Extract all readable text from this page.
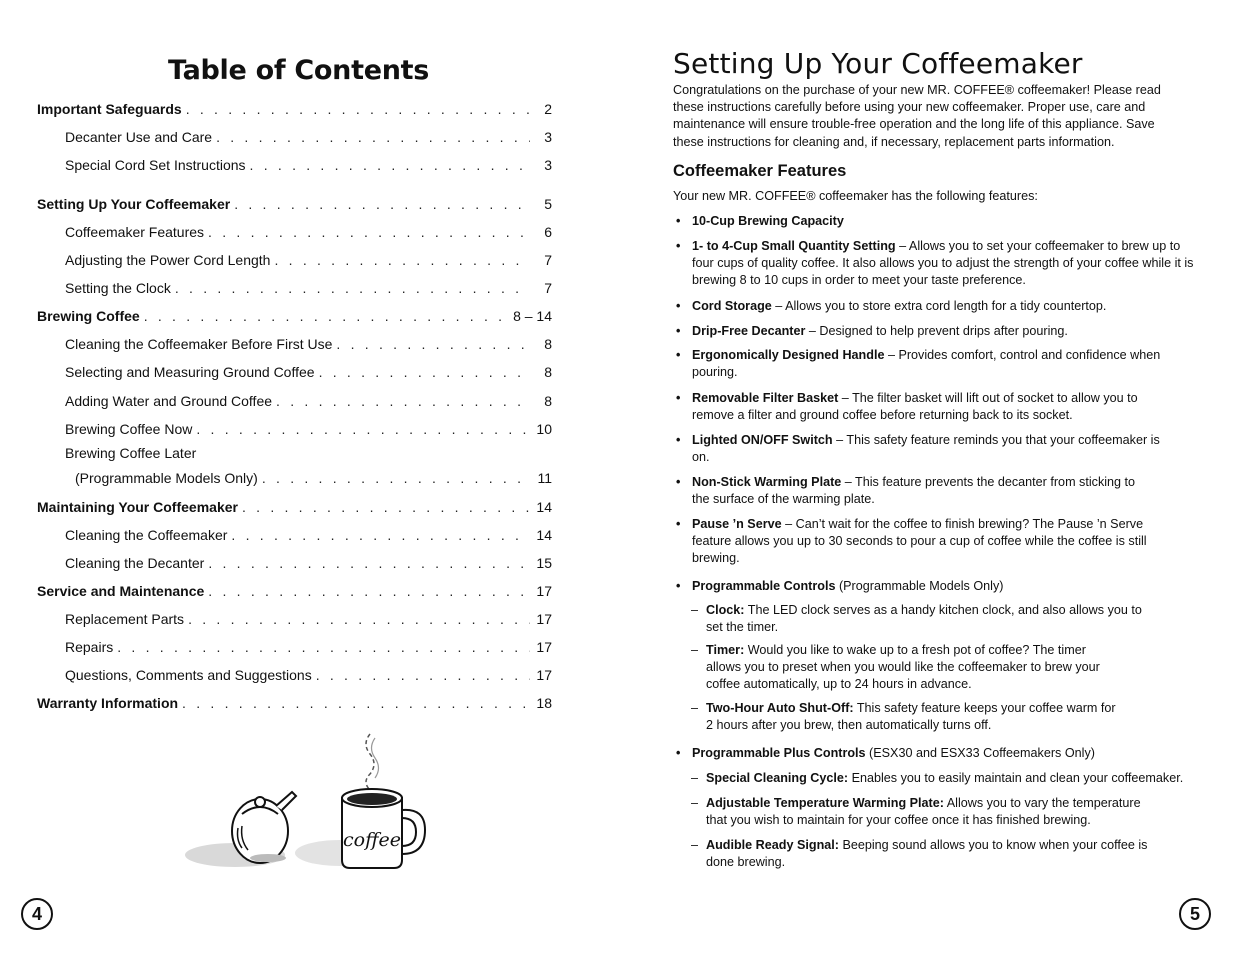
Table of Contents
Important Safeguards . . .	2
Decanter Use and Care . . .	3
Special Cord Set Instructions . . .	3
Setting Up Your Coffeemaker . . .	5
Coffeemaker Features . . .	6
Adjusting the Power Cord Length . . .	7
Setting the Clock . . .	7
Brewing Coffee . . .	8 – 14
Cleaning the Coffeemaker Before First Use . . .	8
Selecting and Measuring Ground Coffee . . .	8
Adding Water and Ground Coffee . . .	8
Brewing Coffee Now . . .	10
Brewing Coffee Later
(Programmable Models Only) . . .	11
Maintaining Your Coffeemaker . . .	14
Cleaning the Coffeemaker . . .	14
Cleaning the Decanter . . .	15
Service and Maintenance . . .	17
Replacement Parts . . .	17
Repairs . . .	17
Questions, Comments and Suggestions . . .	17
Warranty Information . . .	18
coffee
4
Setting Up Your Coffeemaker

Congratulations on the purchase of your new MR. COFFEE® coffeemaker! Please read these instructions carefully before using your new coffeemaker. Proper use, care and maintenance will ensure trouble-free operation and the long life of this appliance. Save these instructions for cleaning and, if necessary, replacement parts information.

Coffeemaker Features
Your new MR. COFFEE® coffeemaker has the following features:
• 10-Cup Brewing Capacity
• 1- to 4-Cup Small Quantity Setting – Allows you to set your coffeemaker to brew up to four cups of quality coffee. It also allows you to adjust the strength of your coffee while it is brewing 8 to 10 cups in order to meet your taste preference.
• Cord Storage – Allows you to store extra cord length for a tidy countertop.
• Drip-Free Decanter – Designed to help prevent drips after pouring.
• Ergonomically Designed Handle – Provides comfort, control and confidence when pouring.
• Removable Filter Basket – The filter basket will lift out of socket to allow you to remove a filter and ground coffee before returning back to its socket.
• Lighted ON/OFF Switch – This safety feature reminds you that your coffeemaker is on.
• Non-Stick Warming Plate – This feature prevents the decanter from sticking to the surface of the warming plate.
• Pause ’n Serve – Can’t wait for the coffee to finish brewing? The Pause ’n Serve feature allows you up to 30 seconds to pour a cup of coffee while the coffee is still brewing.
• Programmable Controls (Programmable Models Only)
– Clock: The LED clock serves as a handy kitchen clock, and also allows you to set the timer.
– Timer: Would you like to wake up to a fresh pot of coffee? The timer allows you to preset when you would like the coffeemaker to brew your coffee automatically, up to 24 hours in advance.
– Two-Hour Auto Shut-Off: This safety feature keeps your coffee warm for 2 hours after you brew, then automatically turns off.
• Programmable Plus Controls (ESX30 and ESX33 Coffeemakers Only)
– Special Cleaning Cycle: Enables you to easily maintain and clean your coffeemaker.
– Adjustable Temperature Warming Plate: Allows you to vary the temperature that you wish to maintain for your coffee once it has finished brewing.
– Audible Ready Signal: Beeping sound allows you to know when your coffee is done brewing.
5
